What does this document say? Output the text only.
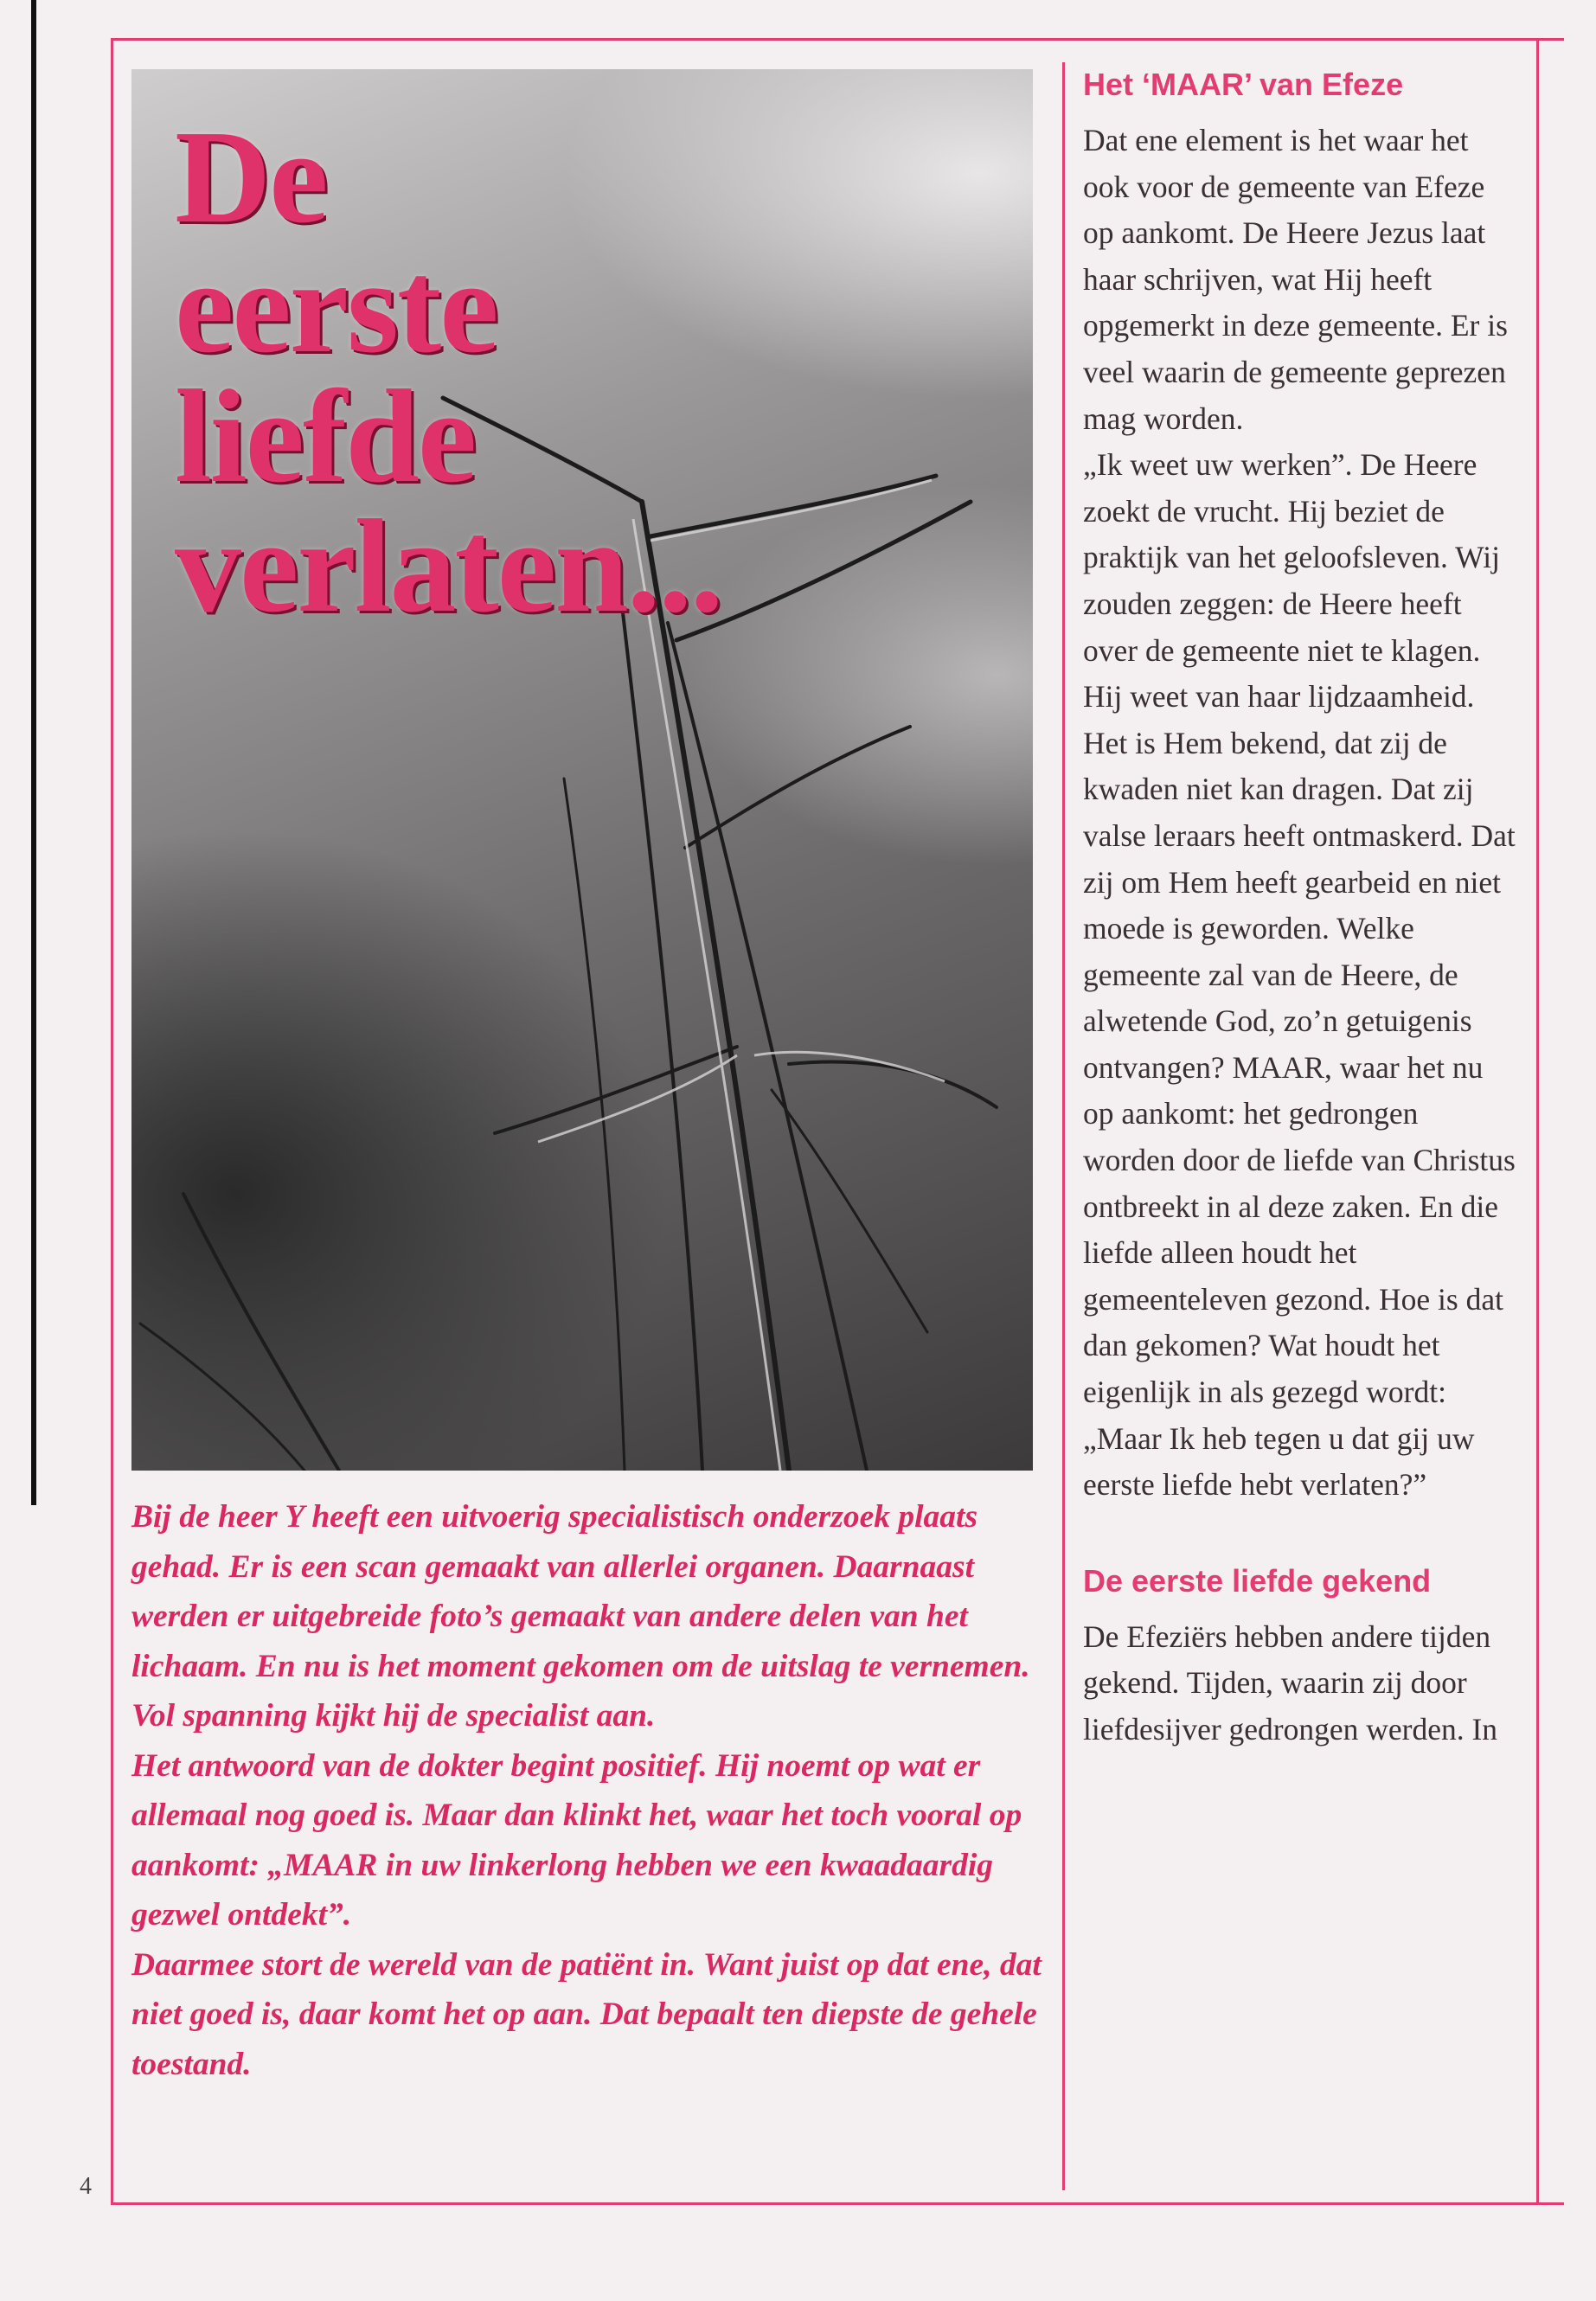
De
eerste
liefde
verlaten...

Bij de heer Y heeft een uitvoerig specialistisch onderzoek plaats gehad. Er is een scan gemaakt van allerlei organen. Daarnaast werden er uitgebreide foto’s gemaakt van andere delen van het lichaam. En nu is het moment gekomen om de uitslag te vernemen. Vol spanning kijkt hij de specialist aan.

Het antwoord van de dokter begint positief. Hij noemt op wat er allemaal nog goed is. Maar dan klinkt het, waar het toch vooral op aankomt: „MAAR in uw linkerlong hebben we een kwaadaardig gezwel ontdekt”.

Daarmee stort de wereld van de patiënt in. Want juist op dat ene, dat niet goed is, daar komt het op aan. Dat bepaalt ten diepste de gehele toestand.

Het ‘MAAR’ van Efeze

Dat ene element is het waar het ook voor de gemeente van Efeze op aankomt. De Heere Jezus laat haar schrijven, wat Hij heeft opgemerkt in deze gemeente. Er is veel waarin de gemeente geprezen mag worden.

„Ik weet uw werken”. De Heere zoekt de vrucht. Hij beziet de praktijk van het geloofsleven. Wij zouden zeggen: de Heere heeft over de gemeente niet te klagen. Hij weet van haar lijdzaamheid. Het is Hem bekend, dat zij de kwaden niet kan dragen. Dat zij valse leraars heeft ontmaskerd. Dat zij om Hem heeft gearbeid en niet moede is geworden. Welke gemeente zal van de Heere, de alwetende God, zo’n getuigenis ontvangen? MAAR, waar het nu op aankomt: het gedrongen worden door de liefde van Christus ontbreekt in al deze zaken. En die liefde alleen houdt het gemeenteleven gezond. Hoe is dat dan gekomen? Wat houdt het eigenlijk in als gezegd wordt: „Maar Ik heb tegen u dat gij uw eerste liefde hebt verlaten?”

De eerste liefde gekend

De Efeziërs hebben andere tijden gekend. Tijden, waarin zij door liefdesijver gedrongen werden. In

4
